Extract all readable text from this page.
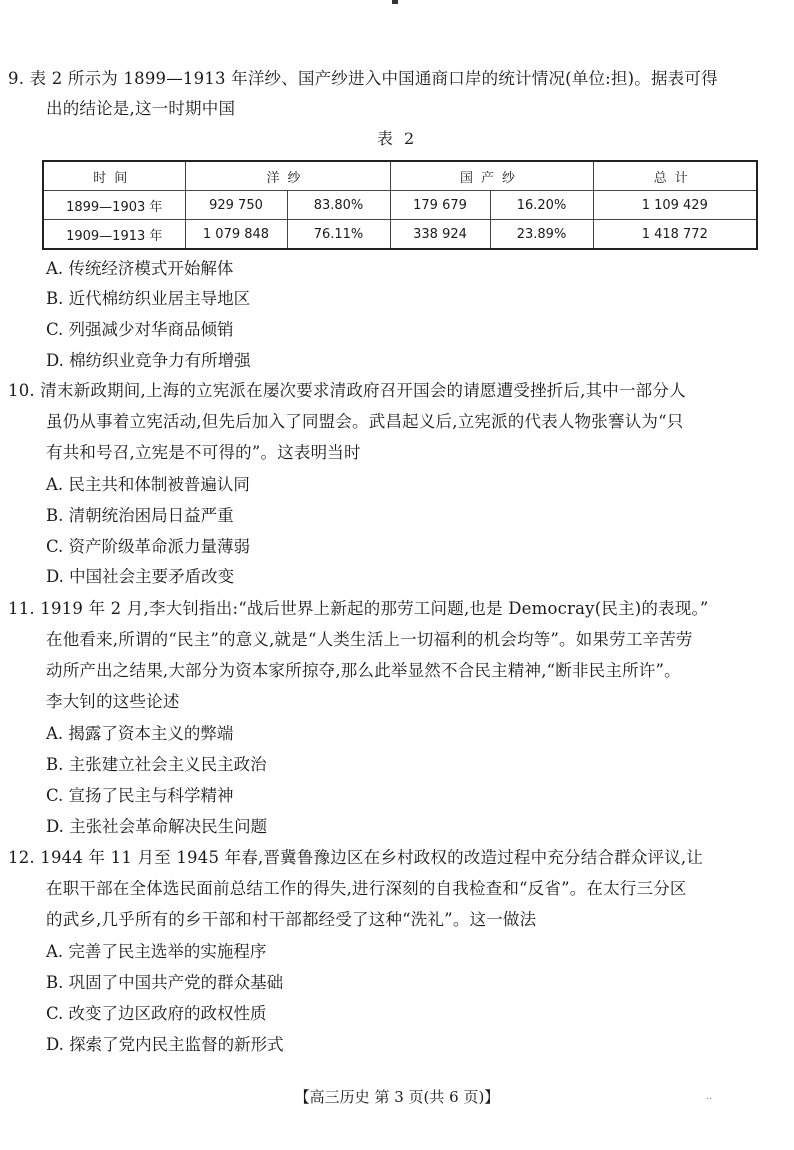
9. 表 2 所示为 1899—1913 年洋纱、国产纱进入中国通商口岸的统计情况(单位:担)。据表可得
出的结论是,这一时期中国
表 2
时间	洋纱		国产纱		总计
1899—1903 年	929 750	83.80%	179 679	16.20%	1 109 429
1909—1913 年	1 079 848	76.11%	338 924	23.89%	1 418 772
A. 传统经济模式开始解体
B. 近代棉纺织业居主导地区
C. 列强减少对华商品倾销
D. 棉纺织业竞争力有所增强
10. 清末新政期间,上海的立宪派在屡次要求清政府召开国会的请愿遭受挫折后,其中一部分人
虽仍从事着立宪活动,但先后加入了同盟会。武昌起义后,立宪派的代表人物张謇认为“只
有共和号召,立宪是不可得的”。这表明当时
A. 民主共和体制被普遍认同
B. 清朝统治困局日益严重
C. 资产阶级革命派力量薄弱
D. 中国社会主要矛盾改变
11. 1919 年 2 月,李大钊指出:“战后世界上新起的那劳工问题,也是 Democray(民主)的表现。”
在他看来,所谓的“民主”的意义,就是“人类生活上一切福利的机会均等”。如果劳工辛苦劳
动所产出之结果,大部分为资本家所掠夺,那么此举显然不合民主精神,“断非民主所许”。
李大钊的这些论述
A. 揭露了资本主义的弊端
B. 主张建立社会主义民主政治
C. 宣扬了民主与科学精神
D. 主张社会革命解决民生问题
12. 1944 年 11 月至 1945 年春,晋冀鲁豫边区在乡村政权的改造过程中充分结合群众评议,让
在职干部在全体选民面前总结工作的得失,进行深刻的自我检查和“反省”。在太行三分区
的武乡,几乎所有的乡干部和村干部都经受了这种“洗礼”。这一做法
A. 完善了民主选举的实施程序
B. 巩固了中国共产党的群众基础
C. 改变了边区政府的政权性质
D. 探索了党内民主监督的新形式
【高三历史 第 3 页(共 6 页)】	··
